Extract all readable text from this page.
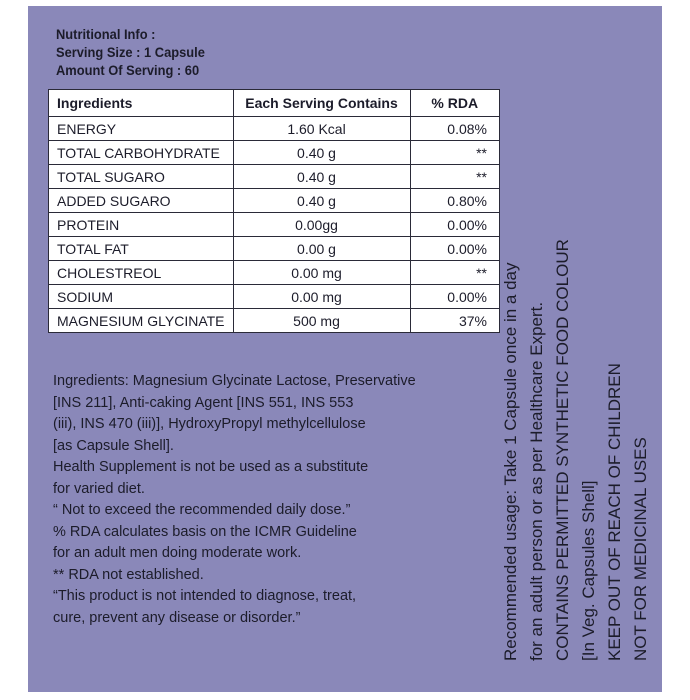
Nutritional Info :
Serving Size : 1 Capsule
Amount Of Serving : 60
Ingredients	Each Serving Contains	% RDA
ENERGY	1.60 Kcal	0.08%
TOTAL CARBOHYDRATE	0.40 g	**
TOTAL SUGARO	0.40 g	**
ADDED SUGARO	0.40 g	0.80%
PROTEIN	0.00gg	0.00%
TOTAL FAT	0.00 g	0.00%
CHOLESTREOL	0.00 mg	**
SODIUM	0.00 mg	0.00%
MAGNESIUM GLYCINATE	500 mg	37%
Ingredients: Magnesium Glycinate Lactose, Preservative
[INS 211], Anti-caking Agent [INS 551, INS 553
(iii), INS 470 (iii)], HydroxyPropyl methylcellulose
[as Capsule Shell].
Health Supplement is not be used as a substitute
for varied diet.
“ Not to exceed the recommended daily dose.”
% RDA calculates basis on the ICMR Guideline
for an adult men doing moderate work.
** RDA not established.
“This product is not intended to diagnose, treat,
cure, prevent any disease or disorder.”	Recommended usage: Take 1 Capsule once in a day for an adult person or as per Healthcare Expert. CONTAINS PERMITTED SYNTHETIC FOOD COLOUR [In Veg. Capsules Shell] KEEP OUT OF REACH OF CHILDREN NOT FOR MEDICINAL USES
